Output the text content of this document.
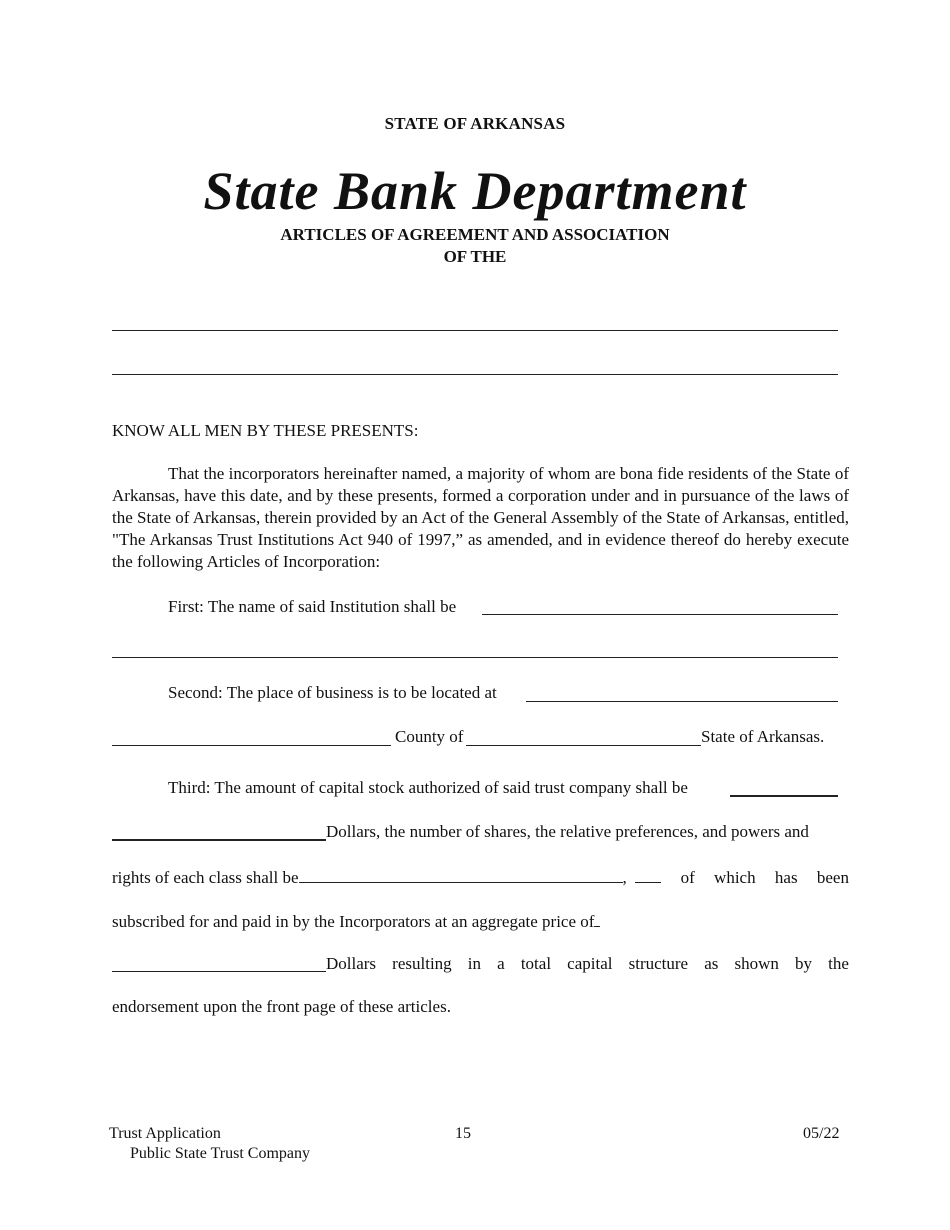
STATE OF ARKANSAS
State Bank Department
ARTICLES OF AGREEMENT AND ASSOCIATION
OF THE
KNOW ALL MEN BY THESE PRESENTS:
That the incorporators hereinafter named, a majority of whom are bona fide residents of the State of Arkansas, have this date, and by these presents, formed a corporation under and in pursuance of the laws of the State of Arkansas, therein provided by an Act of the General Assembly of the State of Arkansas, entitled, "The Arkansas Trust Institutions Act 940 of 1997,” as amended, and in evidence thereof do hereby execute the following Articles of Incorporation:
First: The name of said Institution shall be
Second: The place of business is to be located at
County of	State of Arkansas.
Third: The amount of capital stock authorized of said trust company shall be
Dollars, the number of shares, the relative preferences, and powers and
rights
of
each
class
shall
be	,	of which has been
subscribed for and paid in by the Incorporators at an aggregate price of
Dollars resulting in a total capital structure as shown by the
endorsement upon the front page of these articles.
Trust Application
Public State Trust Company
15	05/22
